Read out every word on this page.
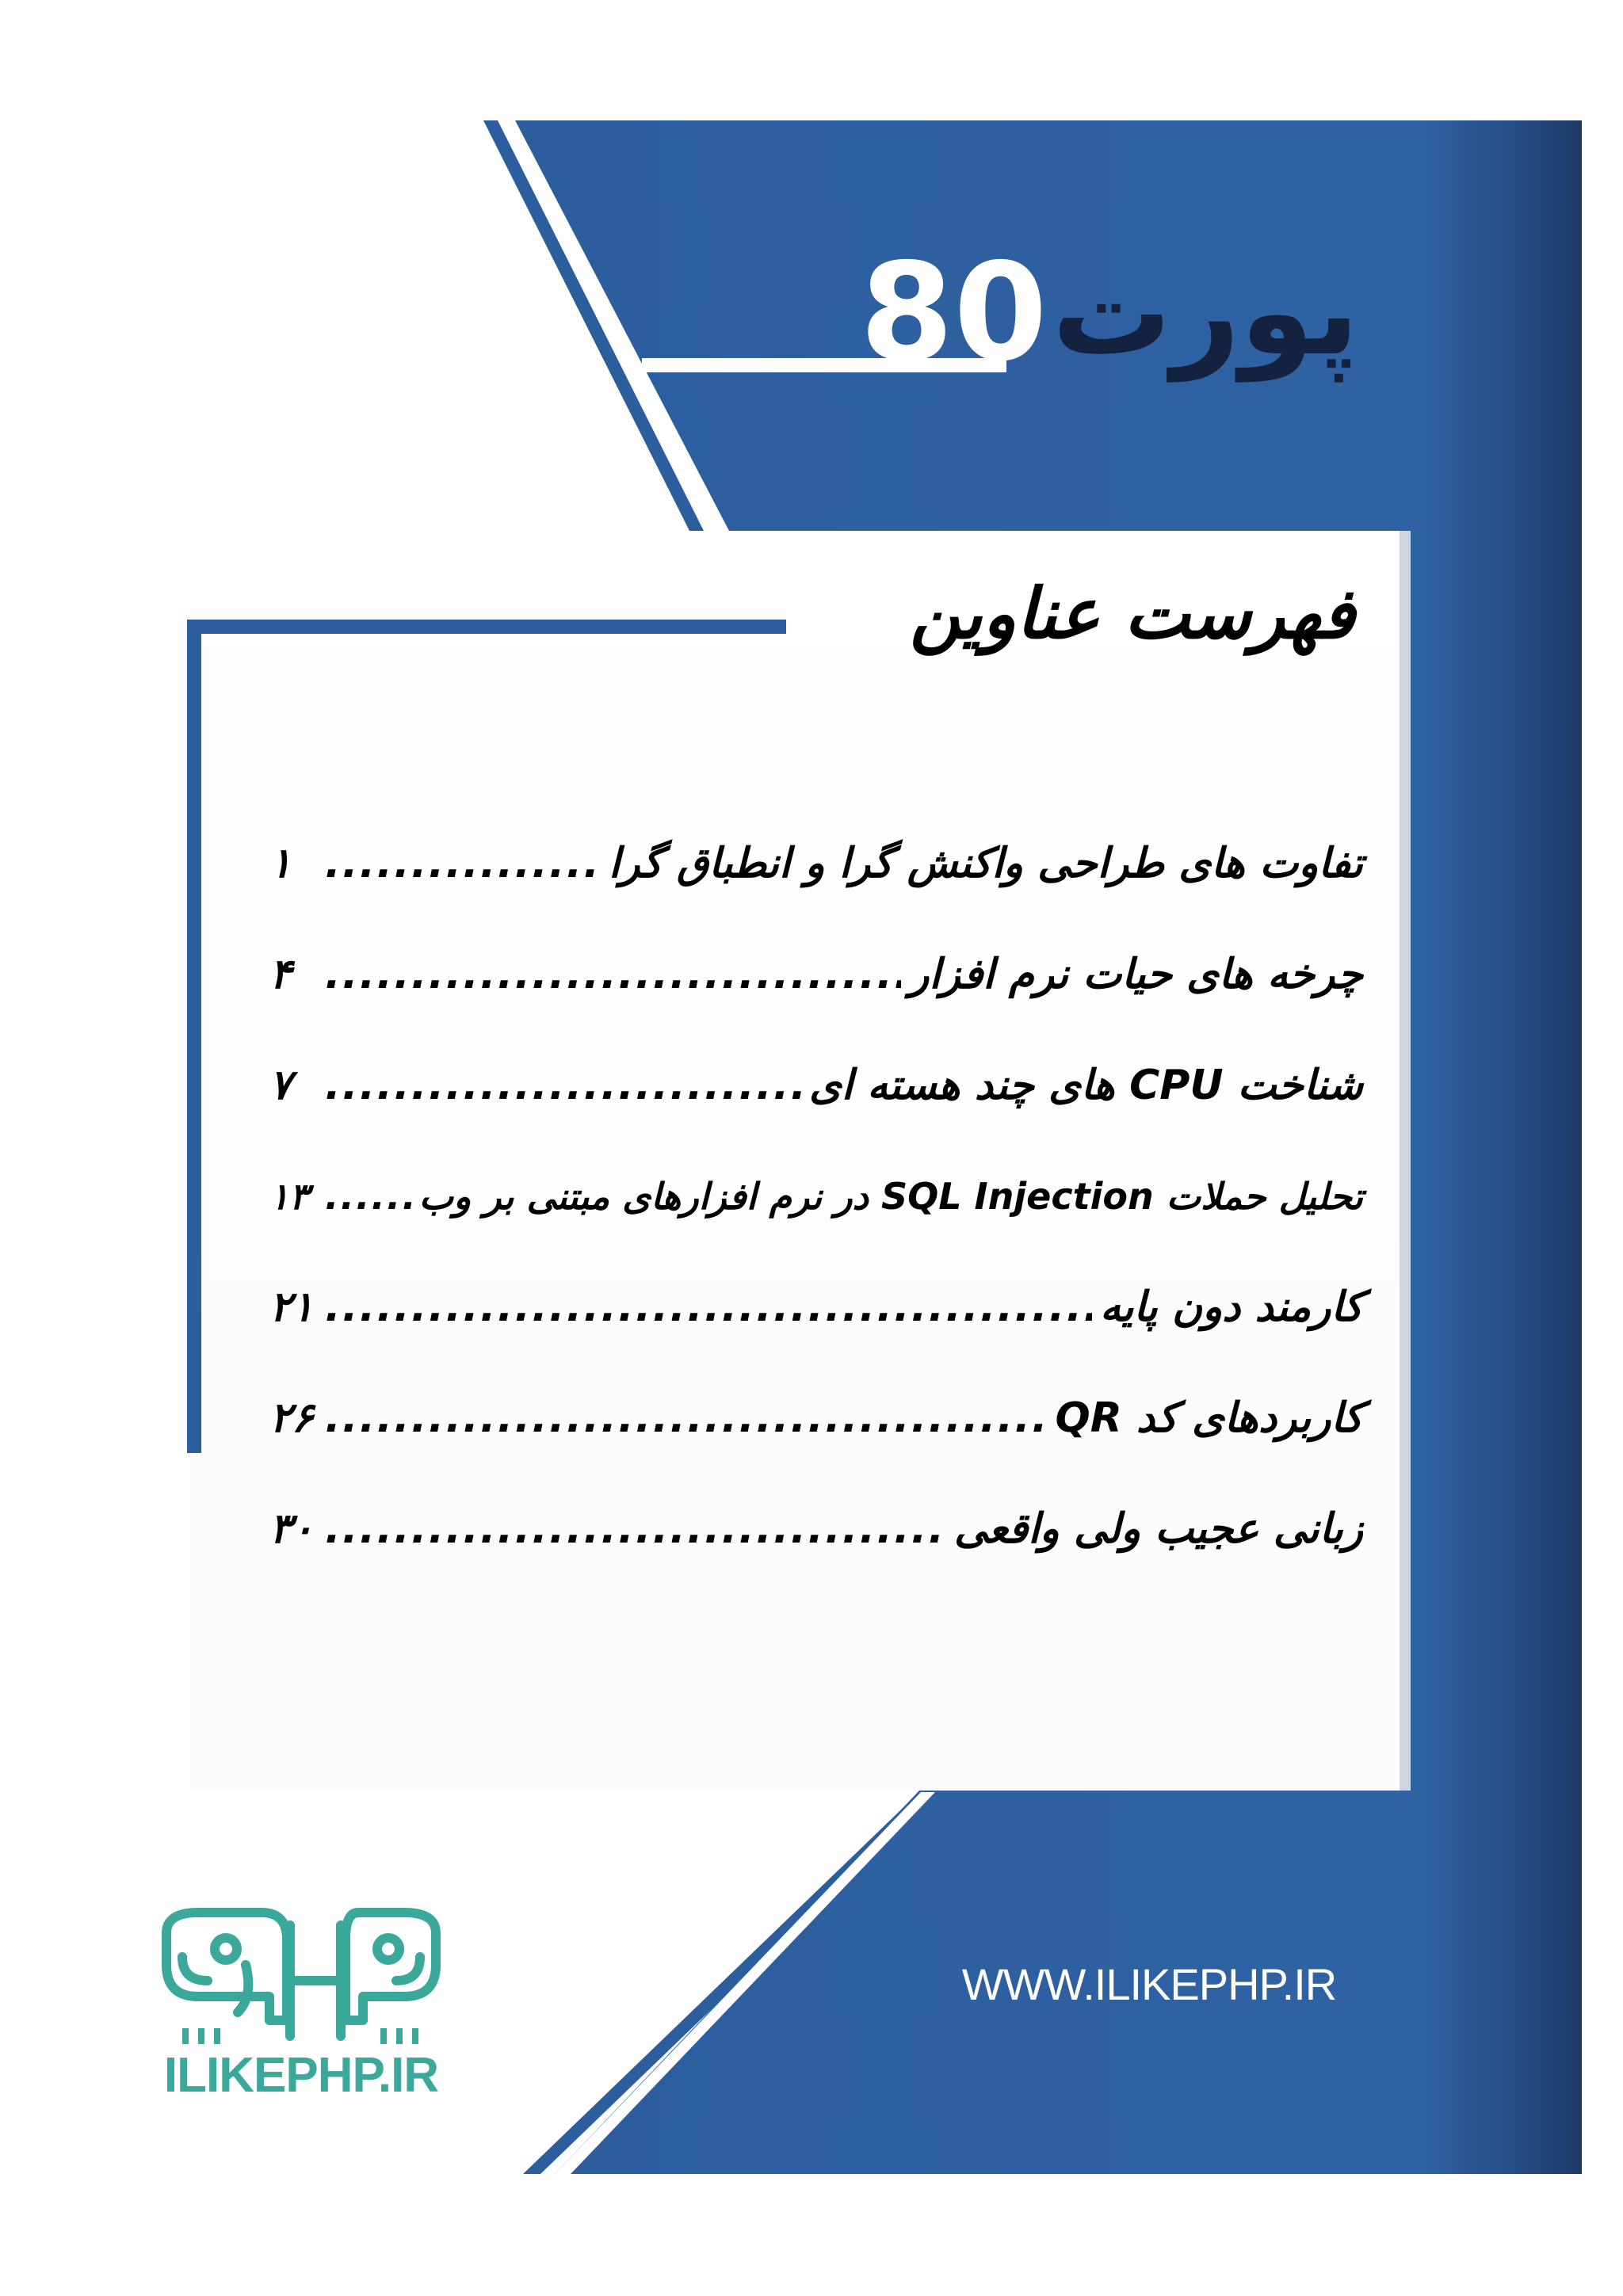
پورت
80
فهرست عناوین
تفاوت های طراحی واکنش گرا و انطباق گرا
.....
۱
چرخه های حیات نرم افزار
.....
۴
شناخت CPU های چند هسته ای
.....
۷
تحلیل حملات SQL Injection در نرم افزارهای مبتنی بر وب
.....
۱۳
کارمند دون پایه
.....
۲۱
کاربردهای کد QR
.....
۲۶
زبانی عجیب ولی واقعی
.....
۳۰
ILIKEPHP.IR
WWW.ILIKEPHP.IR
